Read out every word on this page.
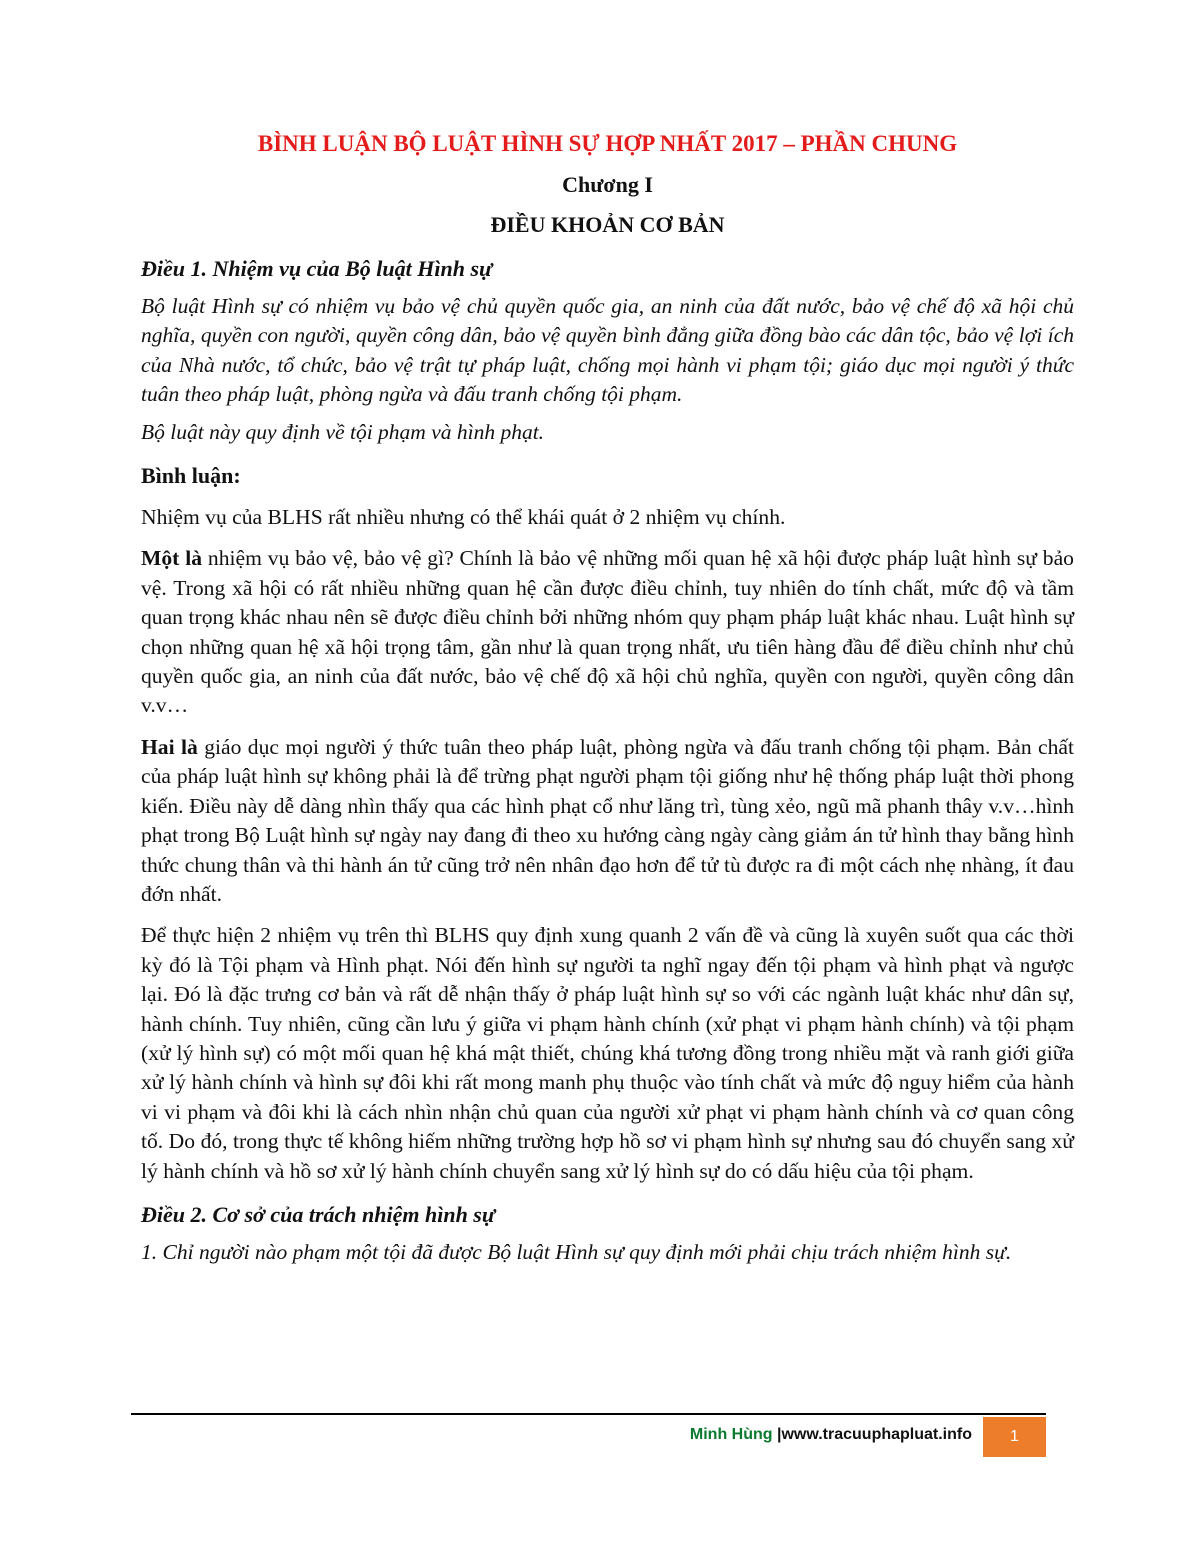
BÌNH LUẬN BỘ LUẬT HÌNH SỰ HỢP NHẤT 2017 – PHẦN CHUNG

Chương I

ĐIỀU KHOẢN CƠ BẢN

Điều 1. Nhiệm vụ của Bộ luật Hình sự

Bộ luật Hình sự có nhiệm vụ bảo vệ chủ quyền quốc gia, an ninh của đất nước, bảo vệ chế độ xã hội chủ nghĩa, quyền con người, quyền công dân, bảo vệ quyền bình đẳng giữa đồng bào các dân tộc, bảo vệ lợi ích của Nhà nước, tổ chức, bảo vệ trật tự pháp luật, chống mọi hành vi phạm tội; giáo dục mọi người ý thức tuân theo pháp luật, phòng ngừa và đấu tranh chống tội phạm.

Bộ luật này quy định về tội phạm và hình phạt.

Bình luận:

Nhiệm vụ của BLHS rất nhiều nhưng có thể khái quát ở 2 nhiệm vụ chính.

Một là nhiệm vụ bảo vệ, bảo vệ gì? Chính là bảo vệ những mối quan hệ xã hội được pháp luật hình sự bảo vệ. Trong xã hội có rất nhiều những quan hệ cần được điều chỉnh, tuy nhiên do tính chất, mức độ và tầm quan trọng khác nhau nên sẽ được điều chỉnh bởi những nhóm quy phạm pháp luật khác nhau. Luật hình sự chọn những quan hệ xã hội trọng tâm, gần như là quan trọng nhất, ưu tiên hàng đầu để điều chỉnh như chủ quyền quốc gia, an ninh của đất nước, bảo vệ chế độ xã hội chủ nghĩa, quyền con người, quyền công dân v.v…

Hai là giáo dục mọi người ý thức tuân theo pháp luật, phòng ngừa và đấu tranh chống tội phạm. Bản chất của pháp luật hình sự không phải là để trừng phạt người phạm tội giống như hệ thống pháp luật thời phong kiến. Điều này dễ dàng nhìn thấy qua các hình phạt cổ như lăng trì, tùng xẻo, ngũ mã phanh thây v.v…hình phạt trong Bộ Luật hình sự ngày nay đang đi theo xu hướng càng ngày càng giảm án tử hình thay bằng hình thức chung thân và thi hành án tử cũng trở nên nhân đạo hơn để tử tù được ra đi một cách nhẹ nhàng, ít đau đớn nhất.

Để thực hiện 2 nhiệm vụ trên thì BLHS quy định xung quanh 2 vấn đề và cũng là xuyên suốt qua các thời kỳ đó là Tội phạm và Hình phạt. Nói đến hình sự người ta nghĩ ngay đến tội phạm và hình phạt và ngược lại. Đó là đặc trưng cơ bản và rất dễ nhận thấy ở pháp luật hình sự so với các ngành luật khác như dân sự, hành chính. Tuy nhiên, cũng cần lưu ý giữa vi phạm hành chính (xử phạt vi phạm hành chính) và tội phạm (xử lý hình sự) có một mối quan hệ khá mật thiết, chúng khá tương đồng trong nhiều mặt và ranh giới giữa xử lý hành chính và hình sự đôi khi rất mong manh phụ thuộc vào tính chất và mức độ nguy hiểm của hành vi vi phạm và đôi khi là cách nhìn nhận chủ quan của người xử phạt vi phạm hành chính và cơ quan công tố. Do đó, trong thực tế không hiếm những trường hợp hồ sơ vi phạm hình sự nhưng sau đó chuyển sang xử lý hành chính và hồ sơ xử lý hành chính chuyển sang xử lý hình sự do có dấu hiệu của tội phạm.

Điều 2. Cơ sở của trách nhiệm hình sự

1. Chỉ người nào phạm một tội đã được Bộ luật Hình sự quy định mới phải chịu trách nhiệm hình sự.

Minh Hùng |www.tracuuphapluat.info	1
